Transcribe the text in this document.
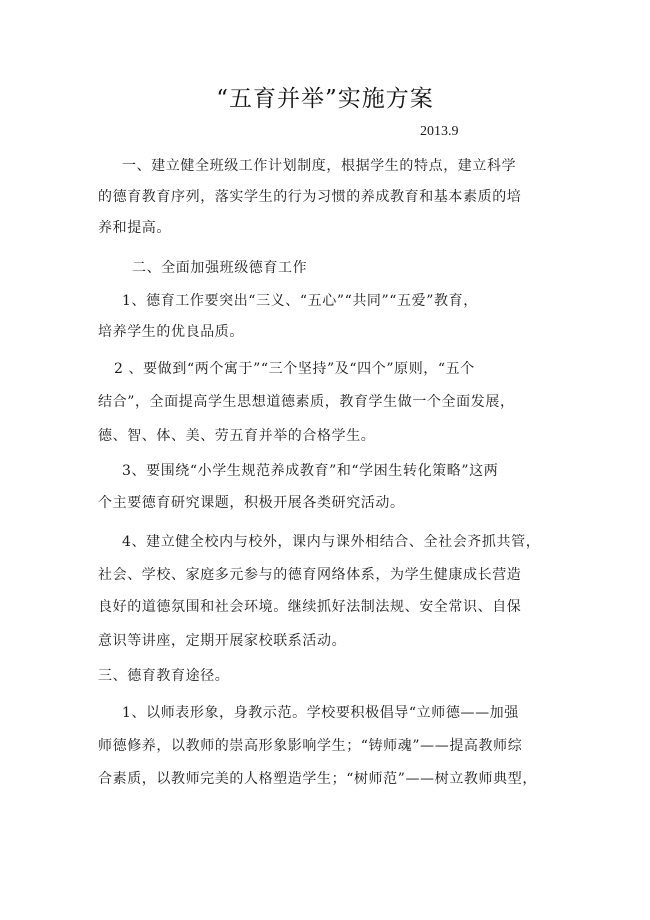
“五育并举”实施方案
2013.9
一、建立健全班级工作计划制度，根据学生的特点，建立科学
的德育教育序列，落实学生的行为习惯的养成教育和基本素质的培
养和提高。
二、全面加强班级德育工作
1、德育工作要突出“三义、“五心”“共同”“五爱”教育，
培养学生的优良品质。
2 、要做到“两个寓于”“三个坚持”及“四个”原则，“五个
结合”，全面提高学生思想道德素质，教育学生做一个全面发展，
德、智、体、美、劳五育并举的合格学生。
3、要围绕“小学生规范养成教育”和“学困生转化策略”这两
个主要德育研究课题，积极开展各类研究活动。
4、建立健全校内与校外，课内与课外相结合、全社会齐抓共管，
社会、学校、家庭多元参与的德育网络体系，为学生健康成长营造
良好的道德氛围和社会环境。继续抓好法制法规、安全常识、自保
意识等讲座，定期开展家校联系活动。
三、德育教育途径。
1、以师表形象，身教示范。学校要积极倡导“立师德——加强
师德修养，以教师的崇高形象影响学生；“铸师魂”——提高教师综
合素质，以教师完美的人格塑造学生；“树师范”——树立教师典型，
